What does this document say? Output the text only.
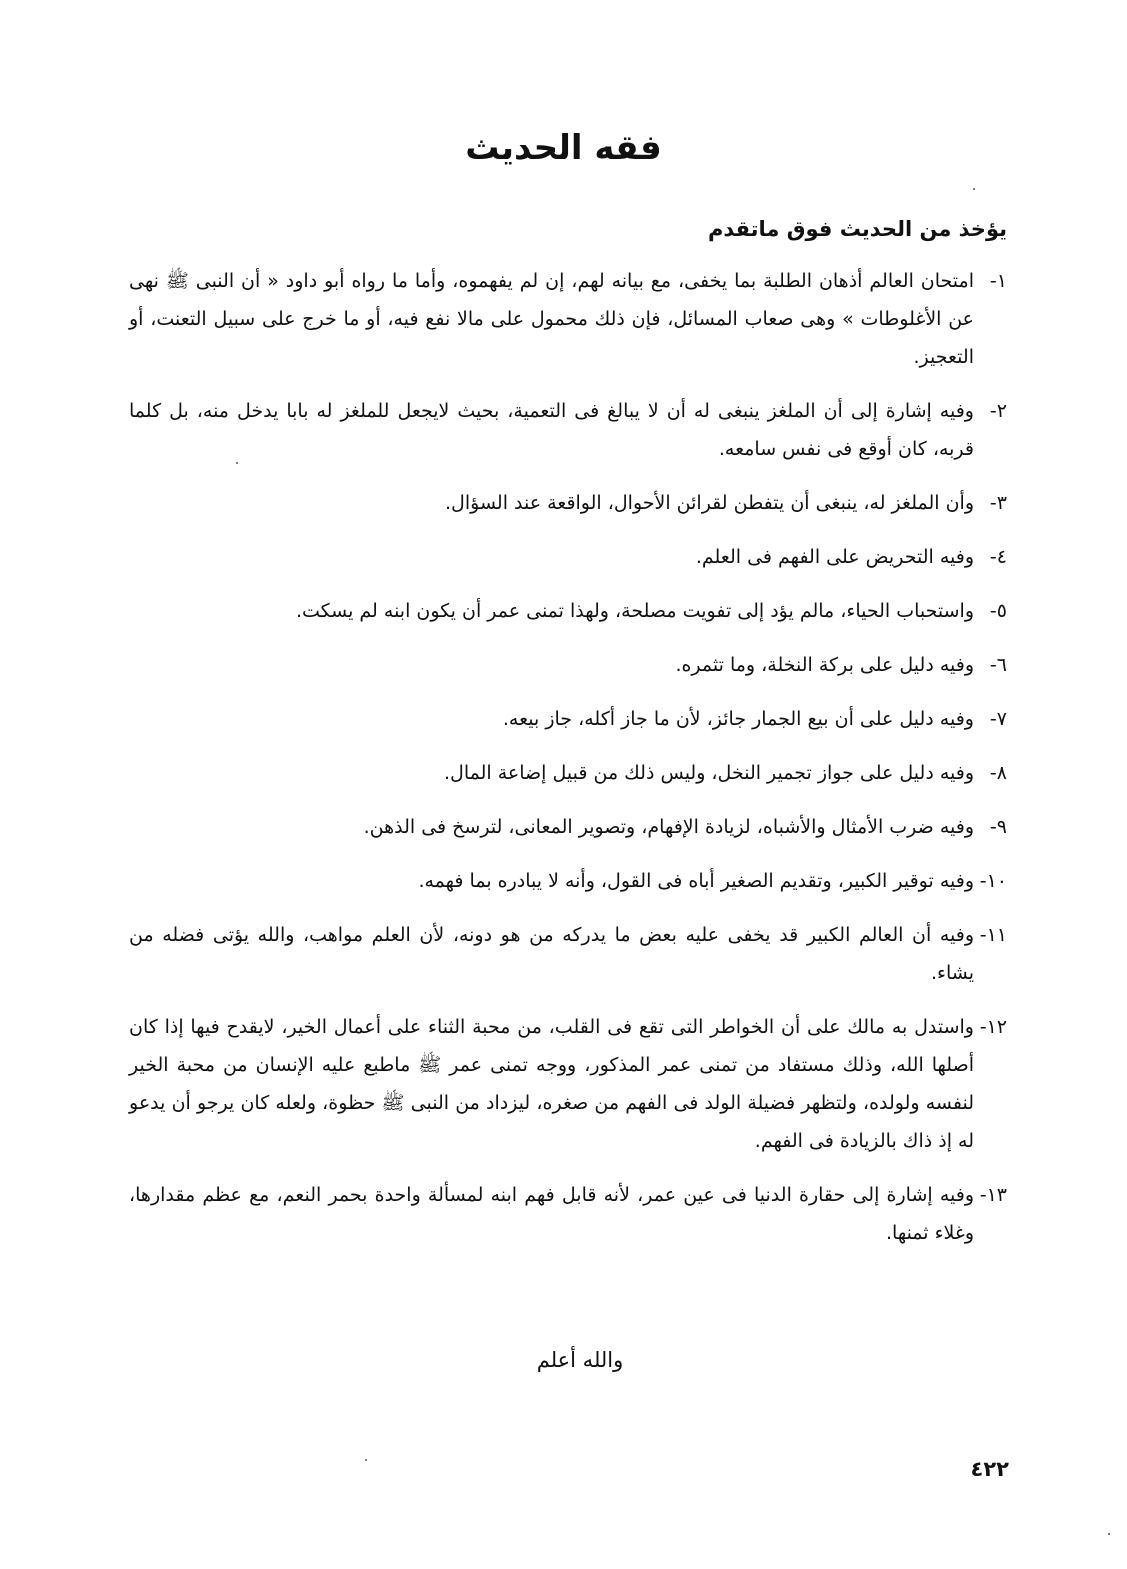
فقه الحديث
يؤخذ من الحديث فوق ماتقدم
١-
امتحان العالم أذهان الطلبة بما يخفى، مع بيانه لهم، إن لم يفهموه، وأما ما رواه أبو داود « أن النبى ﷺ نهى عن الأغلوطات » وهى صعاب المسائل، فإن ذلك محمول على مالا نفع فيه، أو ما خرج على سبيل التعنت، أو التعجيز.
٢-
وفيه إشارة إلى أن الملغز ينبغى له أن لا يبالغ فى التعمية، بحيث لايجعل للملغز له بابا يدخل منه، بل كلما قربه، كان أوقع فى نفس سامعه.
٣-
وأن الملغز له، ينبغى أن يتفطن لقرائن الأحوال، الواقعة عند السؤال.
٤-
وفيه التحريض على الفهم فى العلم.
٥-
واستحباب الحياء، مالم يؤد إلى تفويت مصلحة، ولهذا تمنى عمر أن يكون ابنه لم يسكت.
٦-
وفيه دليل على بركة النخلة، وما تثمره.
٧-
وفيه دليل على أن بيع الجمار جائز، لأن ما جاز أكله، جاز بيعه.
٨-
وفيه دليل على جواز تجمير النخل، وليس ذلك من قبيل إضاعة المال.
٩-
وفيه ضرب الأمثال والأشباه، لزيادة الإفهام، وتصوير المعانى، لترسخ فى الذهن.
١٠-
وفيه توقير الكبير، وتقديم الصغير أباه فى القول، وأنه لا يبادره بما فهمه.
١١-
وفيه أن العالم الكبير قد يخفى عليه بعض ما يدركه من هو دونه، لأن العلم مواهب، والله يؤتى فضله من يشاء.
١٢-
واستدل به مالك على أن الخواطر التى تقع فى القلب، من محبة الثناء على أعمال الخير، لايقدح فيها إذا كان أصلها الله، وذلك مستفاد من تمنى عمر المذكور، ووجه تمنى عمر ﷺ ماطبع عليه الإنسان من محبة الخير لنفسه ولولده، ولتظهر فضيلة الولد فى الفهم من صغره، ليزداد من النبى ﷺ حظوة، ولعله كان يرجو أن يدعو له إذ ذاك بالزيادة فى الفهم.
١٣-
وفيه إشارة إلى حقارة الدنيا فى عين عمر، لأنه قابل فهم ابنه لمسألة واحدة بحمر النعم، مع عظم مقدارها، وغلاء ثمنها.
والله أعلم
٤٢٢
